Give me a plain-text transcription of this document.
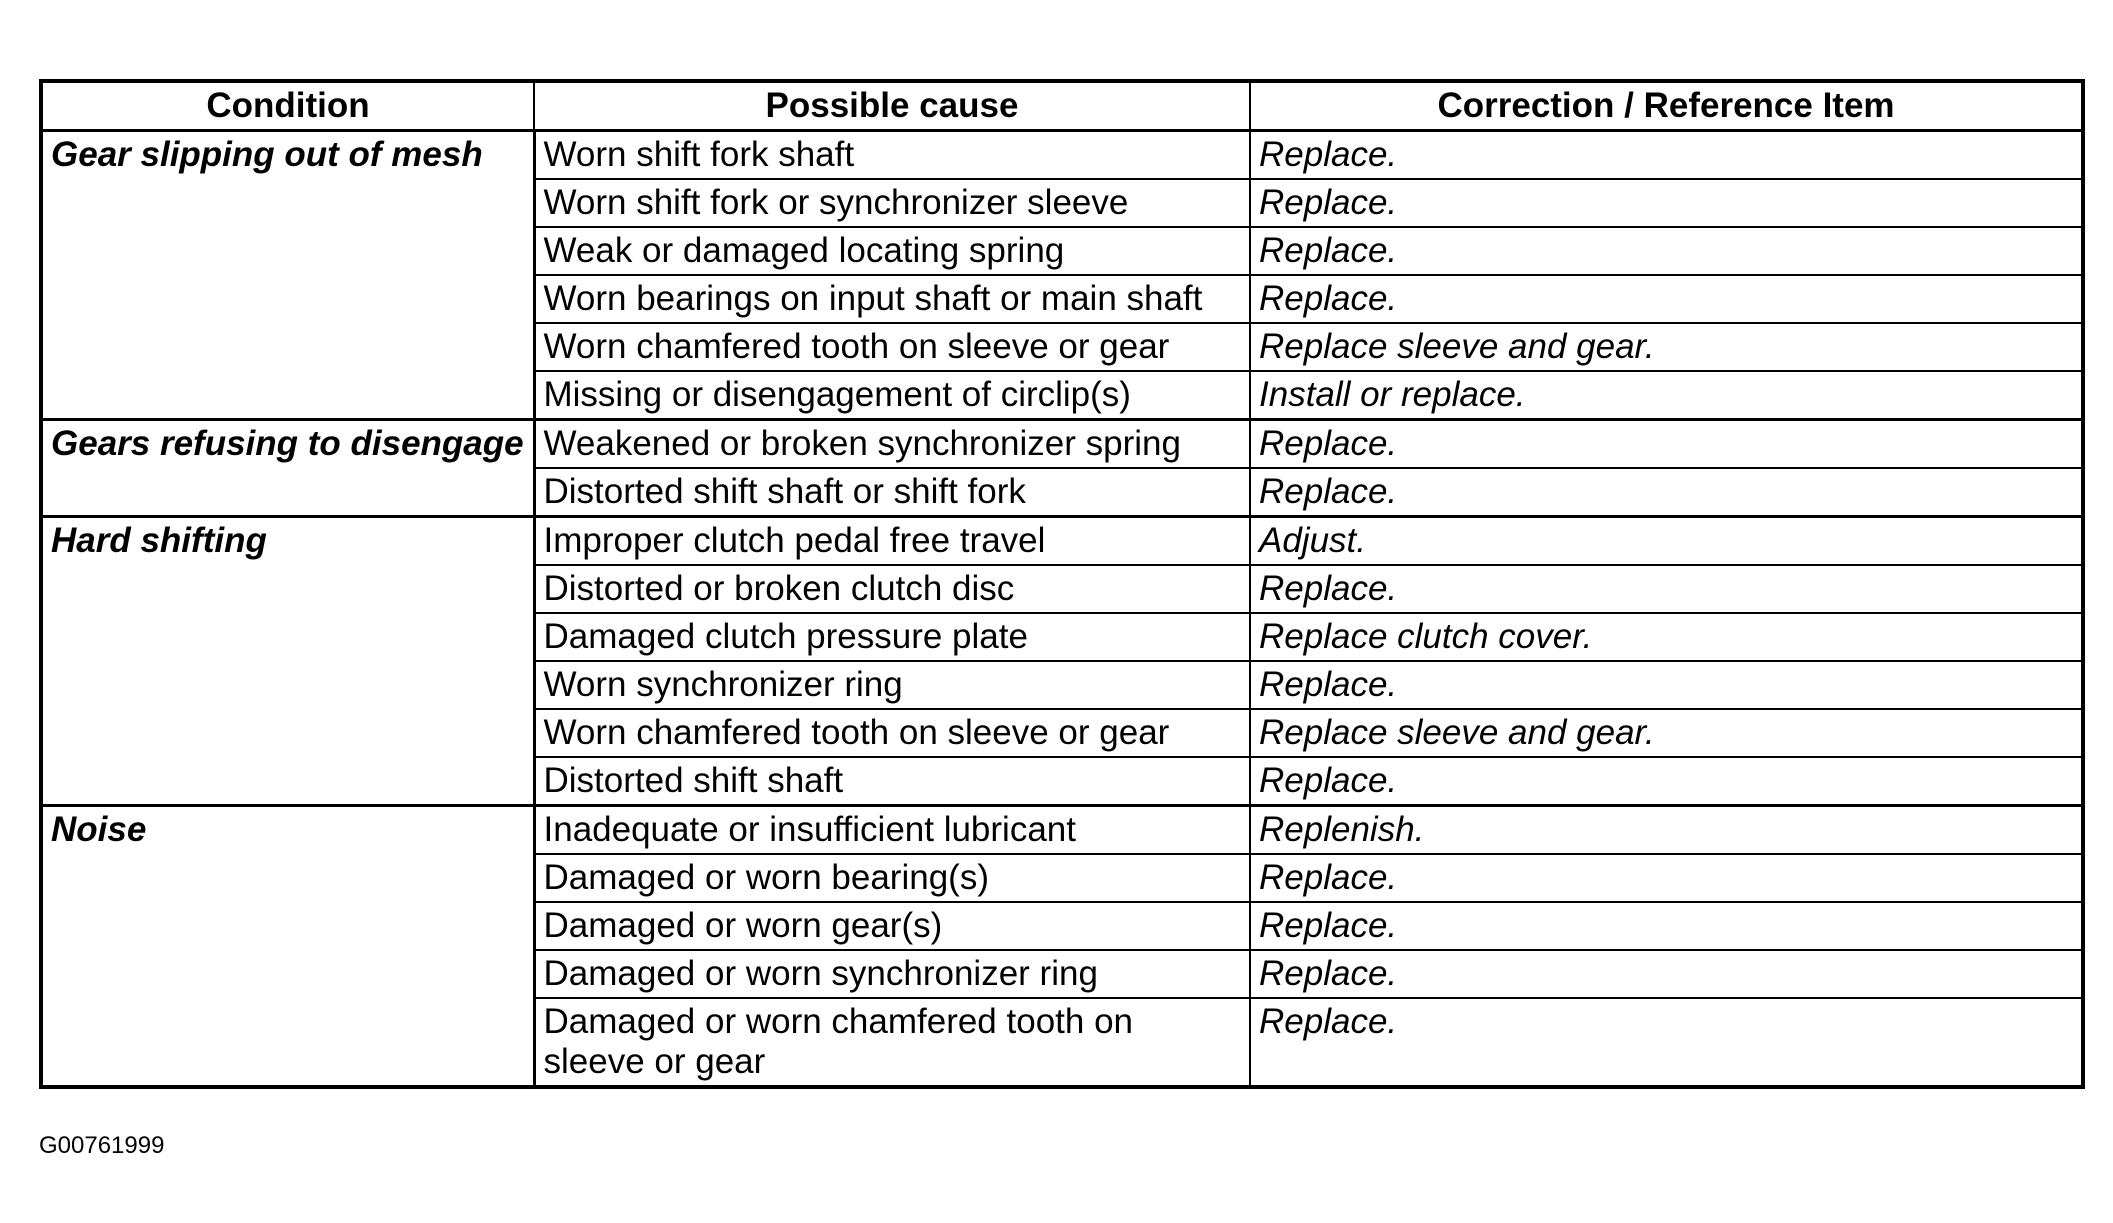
Condition	Possible cause	Correction / Reference Item
Gear slipping out of mesh	Worn shift fork shaft	Replace.
	Worn shift fork or synchronizer sleeve	Replace.
	Weak or damaged locating spring	Replace.
	Worn bearings on input shaft or main shaft	Replace.
	Worn chamfered tooth on sleeve or gear	Replace sleeve and gear.
	Missing or disengagement of circlip(s)	Install or replace.
Gears refusing to disengage	Weakened or broken synchronizer spring	Replace.
	Distorted shift shaft or shift fork	Replace.
Hard shifting	Improper clutch pedal free travel	Adjust.
	Distorted or broken clutch disc	Replace.
	Damaged clutch pressure plate	Replace clutch cover.
	Worn synchronizer ring	Replace.
	Worn chamfered tooth on sleeve or gear	Replace sleeve and gear.
	Distorted shift shaft	Replace.
Noise	Inadequate or insufficient lubricant	Replenish.
	Damaged or worn bearing(s)	Replace.
	Damaged or worn gear(s)	Replace.
	Damaged or worn synchronizer ring	Replace.
	Damaged or worn chamfered tooth on sleeve or gear	Replace.
G00761999
